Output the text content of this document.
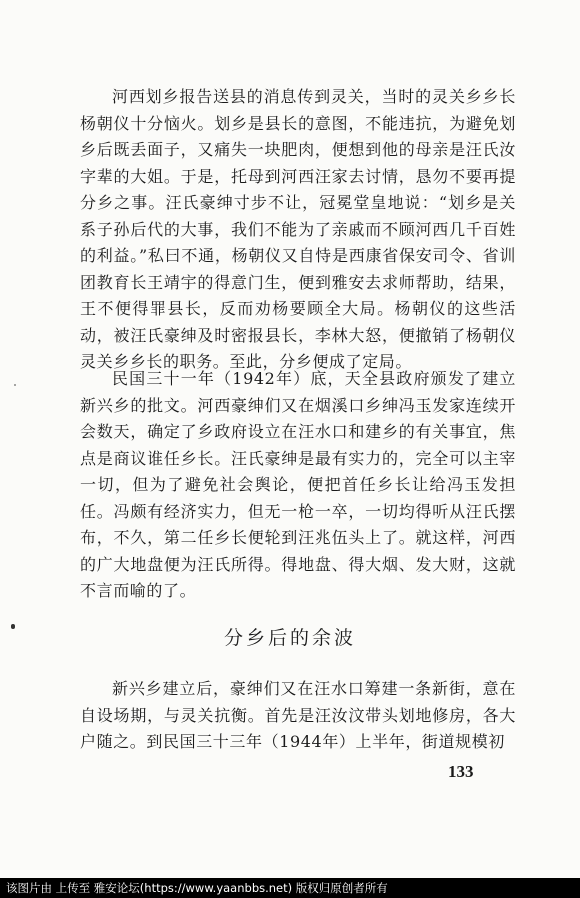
河西划乡报告送县的消息传到灵关，当时的灵关乡乡长杨朝仪十分恼火。划乡是县长的意图，不能违抗，为避免划乡后既丢面子，又痛失一块肥肉，便想到他的母亲是汪氏汝字辈的大姐。于是，托母到河西汪家去讨情，恳勿不要再提分乡之事。汪氏豪绅寸步不让，冠冕堂皇地说：“划乡是关系子孙后代的大事，我们不能为了亲戚而不顾河西几千百姓的利益。”私曰不通，杨朝仪又自恃是西康省保安司令、省训团教育长王靖宇的得意门生，便到雅安去求师帮助，结果，王不便得罪县长，反而劝杨要顾全大局。杨朝仪的这些活动，被汪氏豪绅及时密报县长，李林大怒，便撤销了杨朝仪灵关乡乡长的职务。至此，分乡便成了定局。

民国三十一年（1942年）底，天全县政府颁发了建立新兴乡的批文。河西豪绅们又在烟溪口乡绅冯玉发家连续开会数天，确定了乡政府设立在汪水口和建乡的有关事宜，焦点是商议谁任乡长。汪氏豪绅是最有实力的，完全可以主宰一切，但为了避免社会舆论，便把首任乡长让给冯玉发担任。冯颇有经济实力，但无一枪一卒，一切均得听从汪氏摆布，不久，第二任乡长便轮到汪兆伍头上了。就这样，河西的广大地盘便为汪氏所得。得地盘、得大烟、发大财，这就不言而喻的了。

分乡后的余波

新兴乡建立后，豪绅们又在汪水口筹建一条新街，意在自设场期，与灵关抗衡。首先是汪汝汶带头划地修房，各大户随之。到民国三十三年（1944年）上半年，街道规模初

133
该图片由 上传至 雅安论坛(https://www.yaanbbs.net) 版权归原创者所有
